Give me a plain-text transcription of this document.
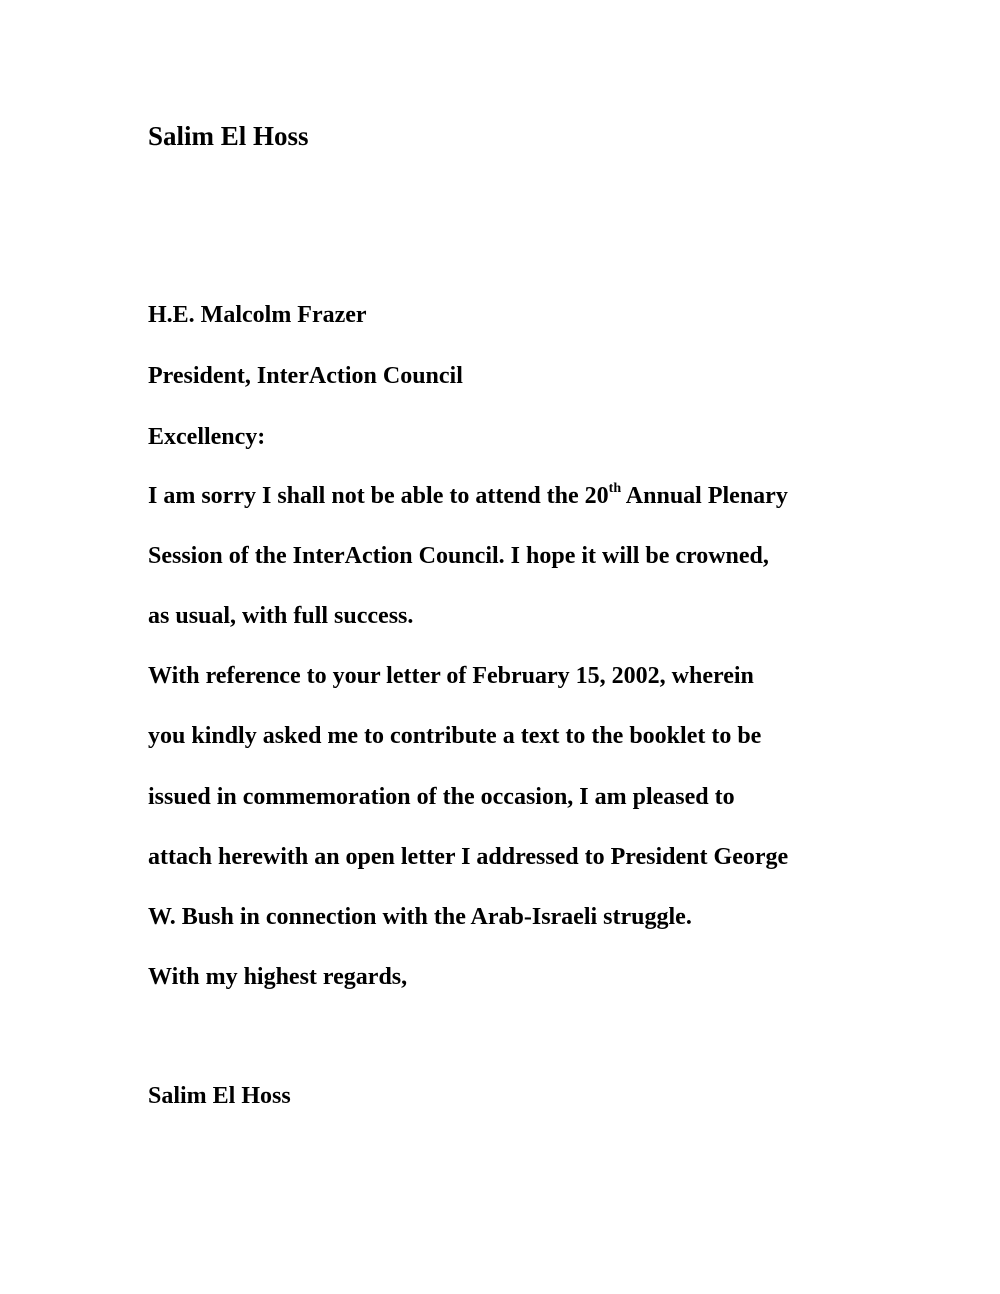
Salim El Hoss
H.E. Malcolm Frazer
President, InterAction Council
Excellency:
I am sorry I shall not be able to attend the 20th Annual Plenary
Session of the InterAction Council. I hope it will be crowned,
as usual, with full success.
With reference to your letter of February 15, 2002, wherein
you kindly asked me to contribute a text to the booklet to be
issued in commemoration of the occasion, I am pleased to
attach herewith an open letter I addressed to President George
W. Bush in connection with the Arab-Israeli struggle.
With my highest regards,
Salim El Hoss
